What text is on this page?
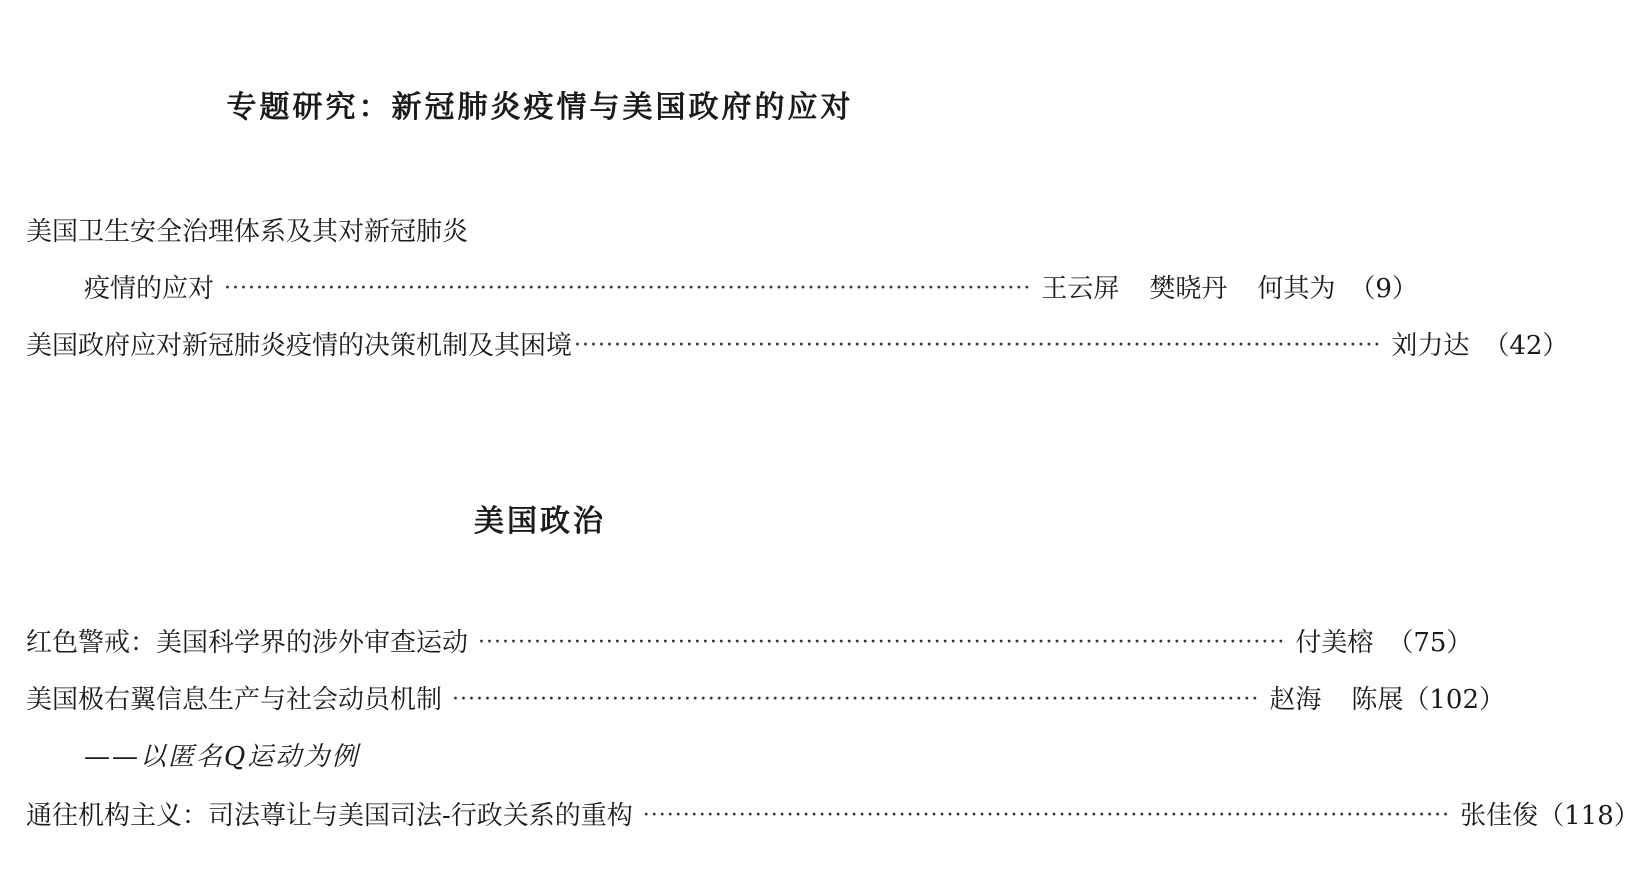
专题研究：新冠肺炎疫情与美国政府的应对
美国卫生安全治理体系及其对新冠肺炎
疫情的应对 ····································································································· 王云屏 樊晓丹 何其为 （9）
美国政府应对新冠肺炎疫情的决策机制及其困境 ····································································································· 刘力达 （42）
美国政治
红色警戒：美国科学界的涉外审查运动 ····································································································· 付美榕 （75）
美国极右翼信息生产与社会动员机制 ····································································································· 赵海 陈展 （102）
——以匿名Q运动为例
通往机构主义：司法尊让与美国司法-行政关系的重构 ····································································································· 张佳俊 （118）
